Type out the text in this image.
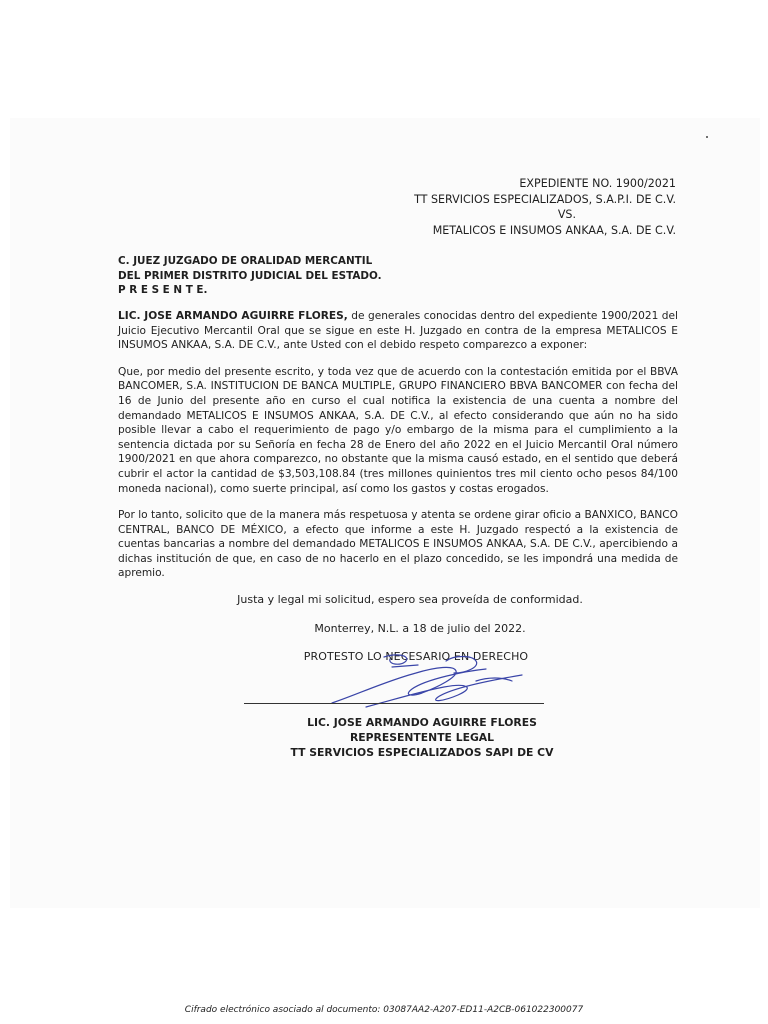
EXPEDIENTE NO. 1900/2021
TT SERVICIOS ESPECIALIZADOS, S.A.P.I. DE C.V.
VS.
METALICOS E INSUMOS ANKAA, S.A. DE C.V.
C. JUEZ JUZGADO DE ORALIDAD MERCANTIL
DEL PRIMER DISTRITO JUDICIAL DEL ESTADO.
P R E S E N T E.

LIC. JOSE ARMANDO AGUIRRE FLORES, de generales conocidas dentro del expediente 1900/2021 del Juicio Ejecutivo Mercantil Oral que se sigue en este H. Juzgado en contra de la empresa METALICOS E INSUMOS ANKAA, S.A. DE C.V., ante Usted con el debido respeto comparezco a exponer:

Que, por medio del presente escrito, y toda vez que de acuerdo con la contestación emitida por el BBVA BANCOMER, S.A. INSTITUCION DE BANCA MULTIPLE, GRUPO FINANCIERO BBVA BANCOMER con fecha del 16 de Junio del presente año en curso el cual notifica la existencia de una cuenta a nombre del demandado METALICOS E INSUMOS ANKAA, S.A. DE C.V., al efecto considerando que aún no ha sido posible llevar a cabo el requerimiento de pago y/o embargo de la misma para el cumplimiento a la sentencia dictada por su Señoría en fecha 28 de Enero del año 2022 en el Juicio Mercantil Oral número 1900/2021 en que ahora comparezco, no obstante que la misma causó estado, en el sentido que deberá cubrir el actor la cantidad de $3,503,108.84 (tres millones quinientos tres mil ciento ocho pesos 84/100 moneda nacional), como suerte principal, así como los gastos y costas erogados.

Por lo tanto, solicito que de la manera más respetuosa y atenta se ordene girar oficio a BANXICO, BANCO CENTRAL, BANCO DE MÉXICO, a efecto que informe a este H. Juzgado respectó a la existencia de cuentas bancarias a nombre del demandado METALICOS E INSUMOS ANKAA, S.A. DE C.V., apercibiendo a dichas institución de que, en caso de no hacerlo en el plazo concedido, se les impondrá una medida de apremio.

Justa y legal mi solicitud, espero sea proveída de conformidad.
Monterrey, N.L. a 18 de julio del 2022.
PROTESTO LO NECESARIO EN DERECHO
LIC. JOSE ARMANDO AGUIRRE FLORES
REPRESENTENTE LEGAL
TT SERVICIOS ESPECIALIZADOS SAPI DE CV
Cifrado electrónico asociado al documento: 03087AA2-A207-ED11-A2CB-061022300077
